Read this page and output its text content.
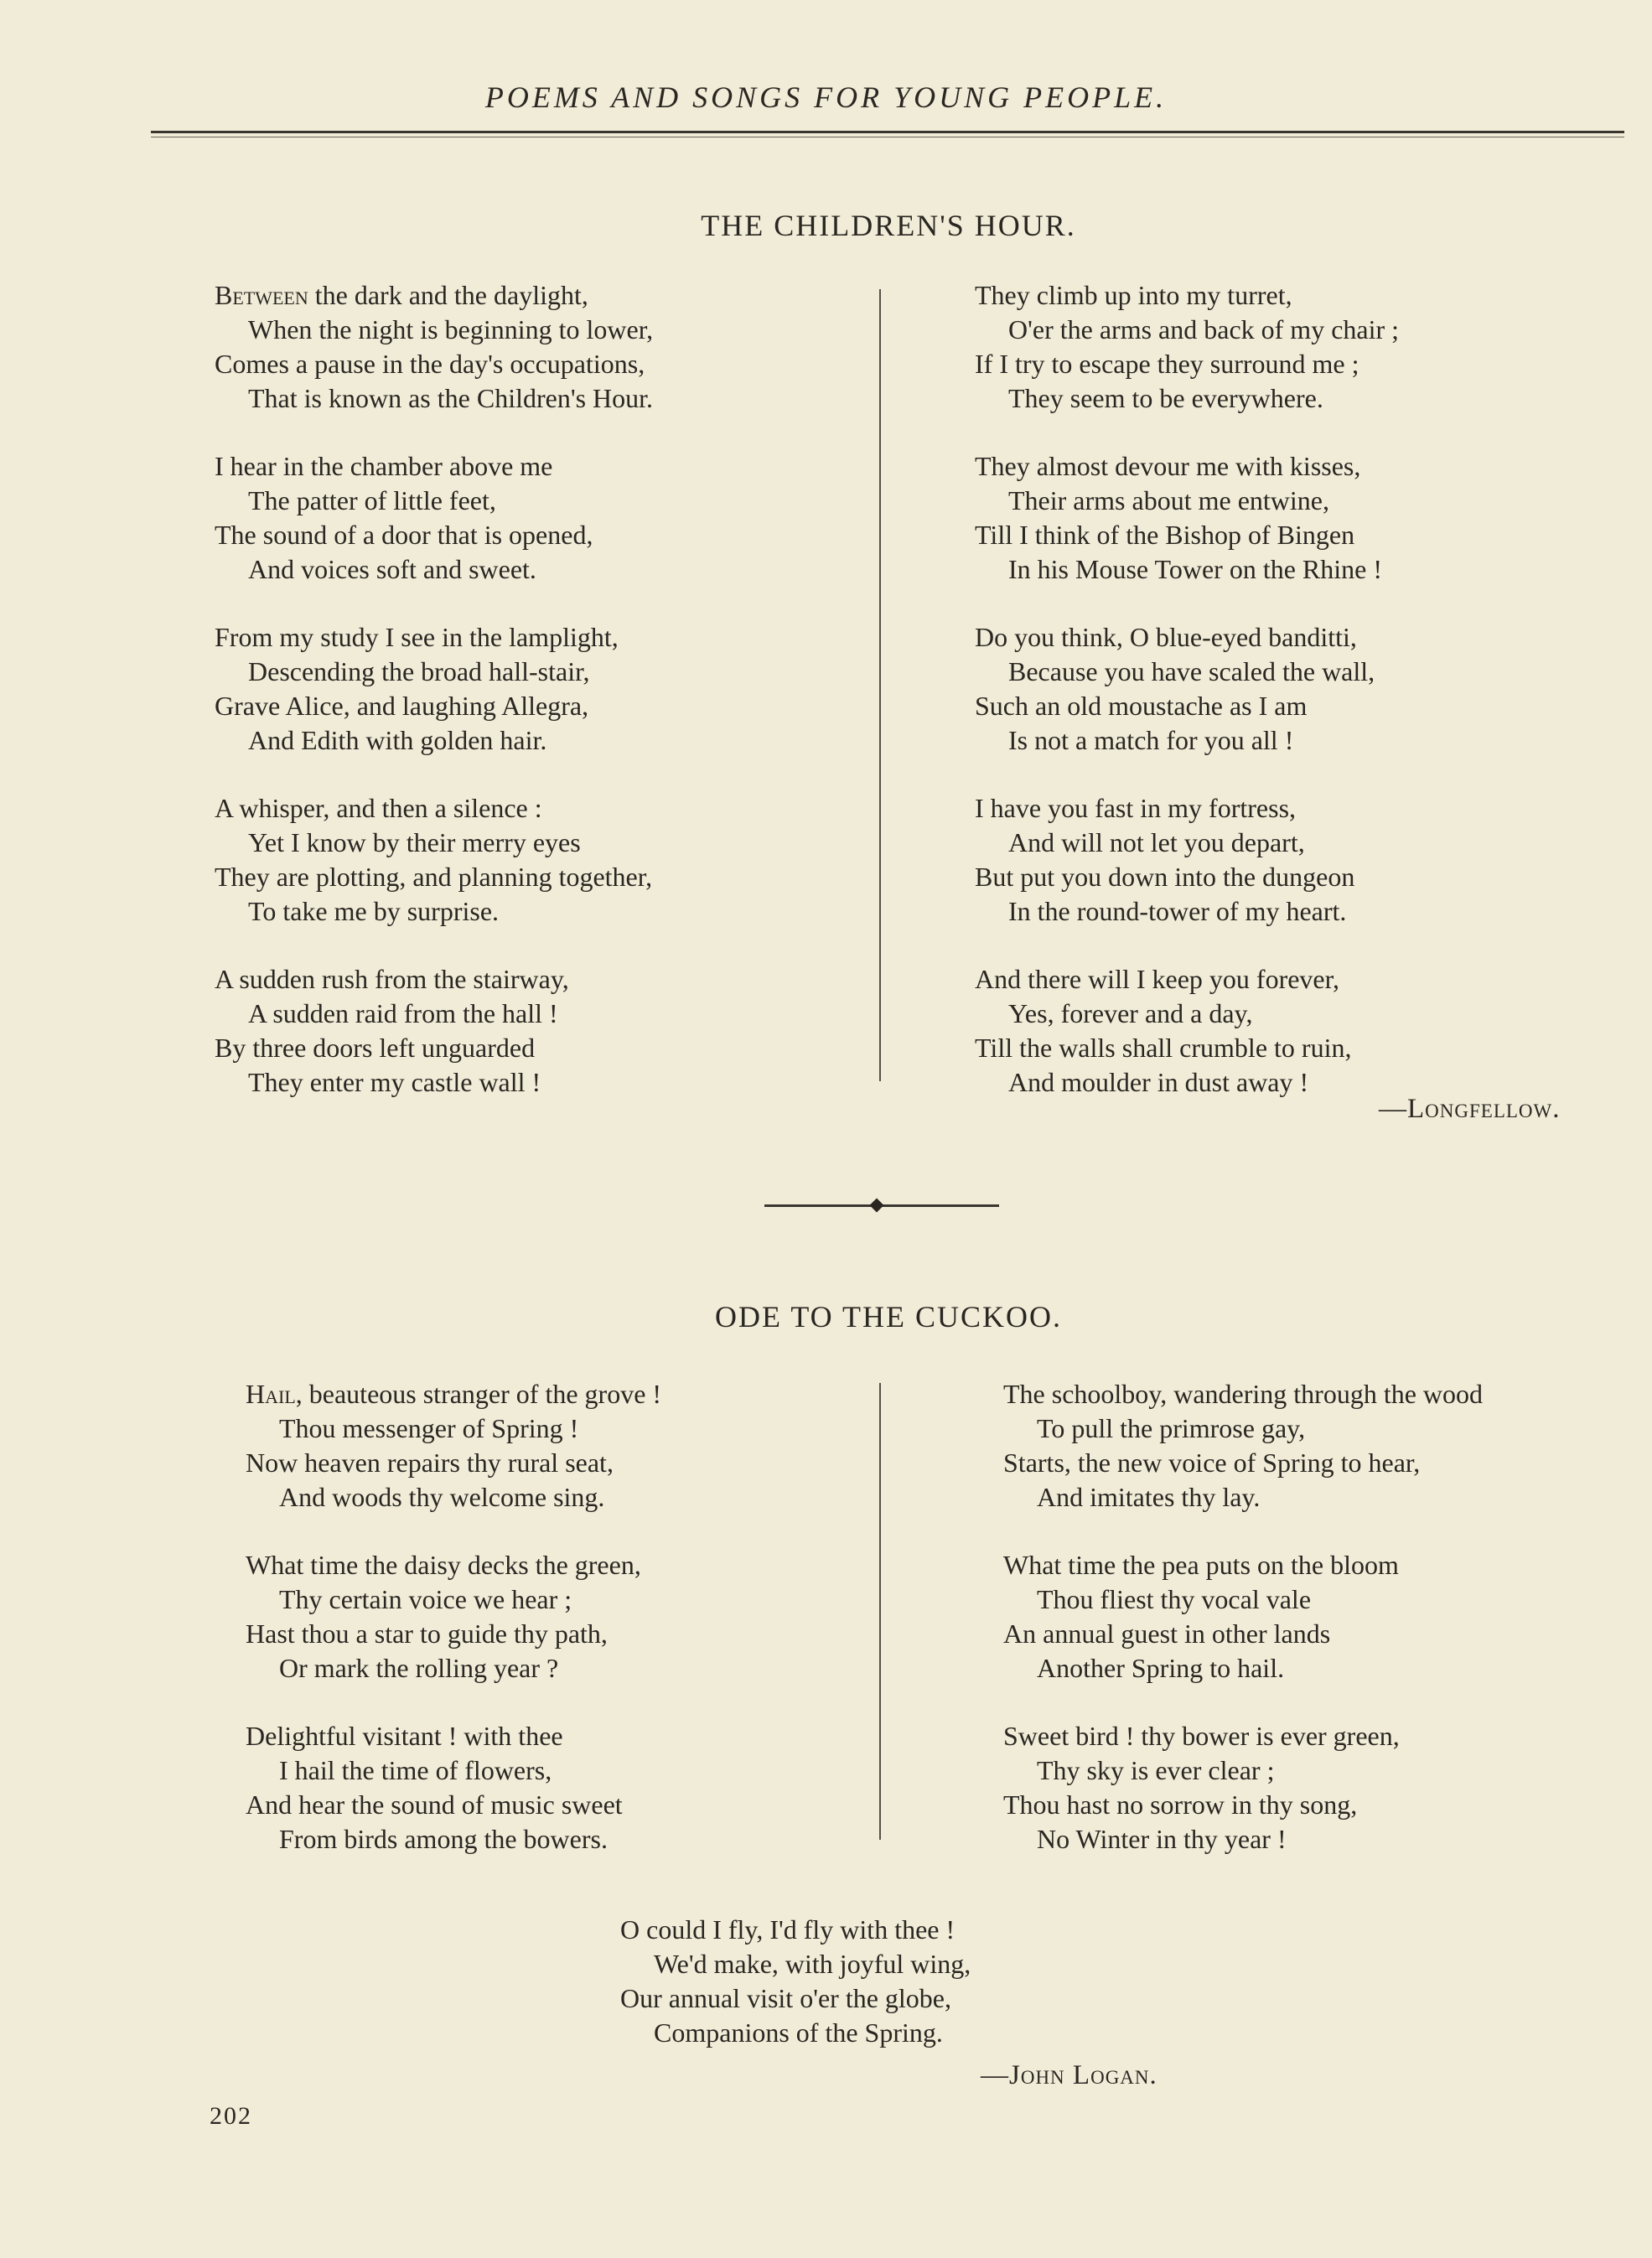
POEMS AND SONGS FOR YOUNG PEOPLE.
THE CHILDREN'S HOUR.
Between the dark and the daylight,
When the night is beginning to lower,
Comes a pause in the day's occupations,
That is known as the Children's Hour.
I hear in the chamber above me
The patter of little feet,
The sound of a door that is opened,
And voices soft and sweet.
From my study I see in the lamplight,
Descending the broad hall-stair,
Grave Alice, and laughing Allegra,
And Edith with golden hair.
A whisper, and then a silence :
Yet I know by their merry eyes
They are plotting, and planning together,
To take me by surprise.
A sudden rush from the stairway,
A sudden raid from the hall !
By three doors left unguarded
They enter my castle wall !
They climb up into my turret,
O'er the arms and back of my chair ;
If I try to escape they surround me ;
They seem to be everywhere.
They almost devour me with kisses,
Their arms about me entwine,
Till I think of the Bishop of Bingen
In his Mouse Tower on the Rhine !
Do you think, O blue-eyed banditti,
Because you have scaled the wall,
Such an old moustache as I am
Is not a match for you all !
I have you fast in my fortress,
And will not let you depart,
But put you down into the dungeon
In the round-tower of my heart.
And there will I keep you forever,
Yes, forever and a day,
Till the walls shall crumble to ruin,
And moulder in dust away !
—Longfellow.
ODE TO THE CUCKOO.
Hail, beauteous stranger of the grove !
Thou messenger of Spring !
Now heaven repairs thy rural seat,
And woods thy welcome sing.
What time the daisy decks the green,
Thy certain voice we hear ;
Hast thou a star to guide thy path,
Or mark the rolling year ?
Delightful visitant ! with thee
I hail the time of flowers,
And hear the sound of music sweet
From birds among the bowers.
The schoolboy, wandering through the wood
To pull the primrose gay,
Starts, the new voice of Spring to hear,
And imitates thy lay.
What time the pea puts on the bloom
Thou fliest thy vocal vale
An annual guest in other lands
Another Spring to hail.
Sweet bird ! thy bower is ever green,
Thy sky is ever clear ;
Thou hast no sorrow in thy song,
No Winter in thy year !
O could I fly, I'd fly with thee !
We'd make, with joyful wing,
Our annual visit o'er the globe,
Companions of the Spring.
—John Logan.
202
